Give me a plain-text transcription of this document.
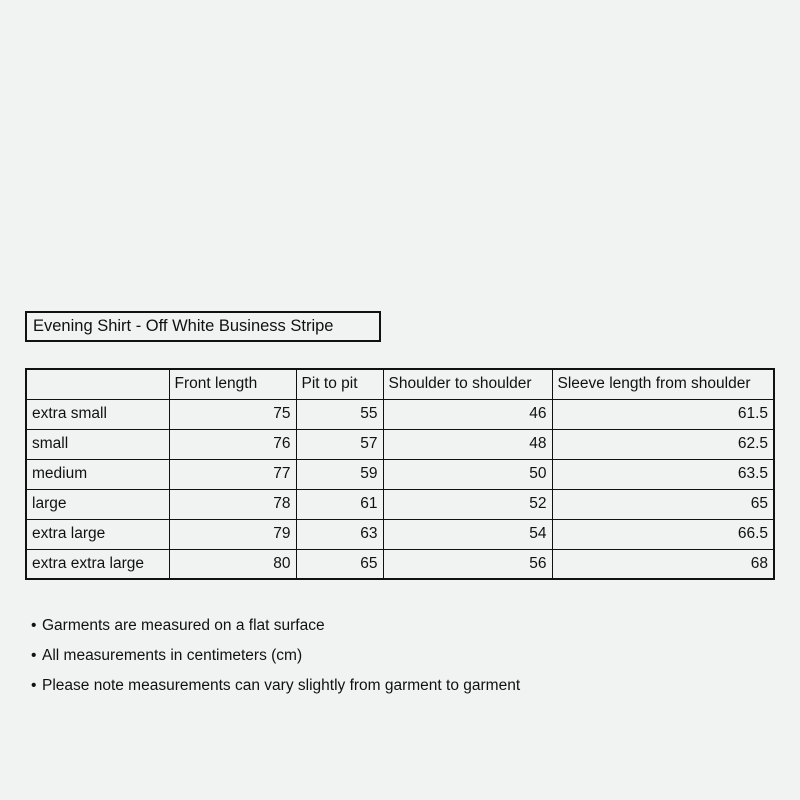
Evening Shirt - Off White Business Stripe
	Front length	Pit to pit	Shoulder to shoulder	Sleeve length from shoulder
extra small	75	55	46	61.5
small	76	57	48	62.5
medium	77	59	50	63.5
large	78	61	52	65
extra large	79	63	54	66.5
extra extra large	80	65	56	68
• Garments are measured on a flat surface
• All measurements in centimeters (cm)
• Please note measurements can vary slightly from garment to garment
